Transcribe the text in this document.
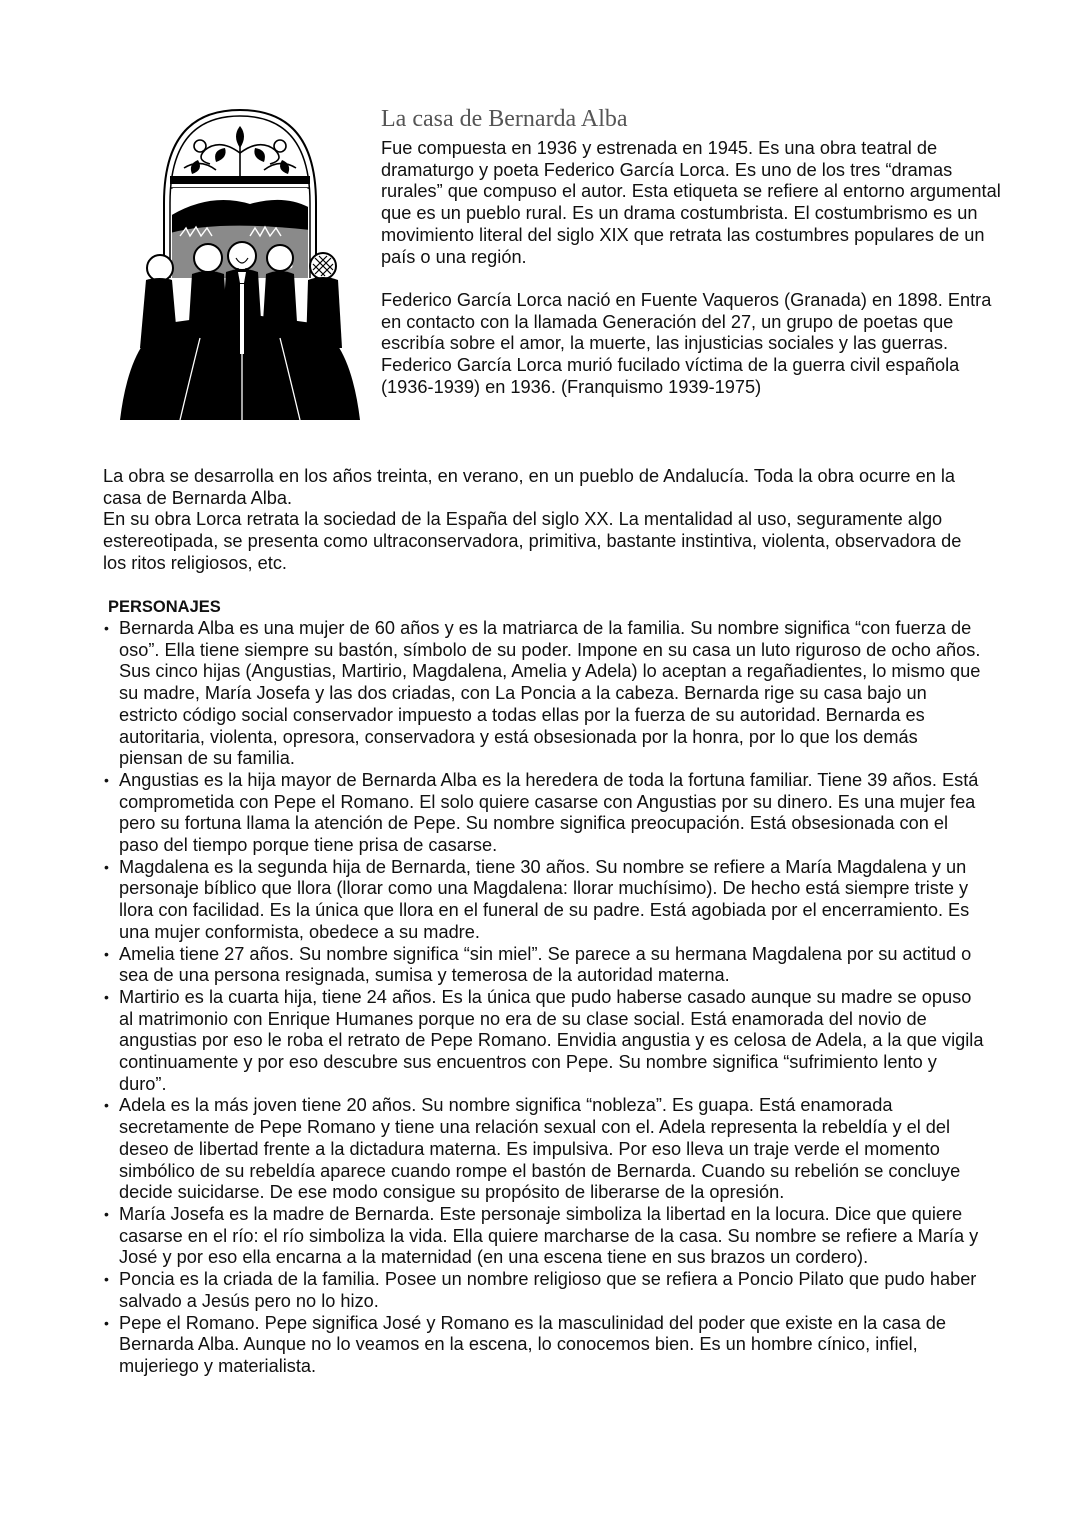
La casa de Bernarda Alba

Fue compuesta en 1936 y estrenada en 1945. Es una obra teatral de dramaturgo y poeta Federico García Lorca. Es uno de los tres “dramas rurales” que compuso el autor. Esta etiqueta se refiere al entorno argumental que es un pueblo rural. Es un drama costumbrista. El costumbrismo es un movimiento literal del siglo XIX que retrata las costumbres populares de un país o una región.

Federico García Lorca nació en Fuente Vaqueros (Granada) en 1898. Entra en contacto con la llamada Generación del 27, un grupo de poetas que escribía sobre el amor, la muerte, las injusticias sociales y las guerras. Federico García Lorca murió fucilado víctima de la guerra civil española (1936-1939) en 1936. (Franquismo 1939-1975)

La obra se desarrolla en los años treinta, en verano, en un pueblo de Andalucía. Toda la obra ocurre en la casa de Bernarda Alba.

En su obra Lorca retrata la sociedad de la España del siglo XX. La mentalidad al uso, seguramente algo estereotipada, se presenta como ultraconservadora, primitiva, bastante instintiva, violenta, observadora de los ritos religiosos, etc.

PERSONAJES
• Bernarda Alba es una mujer de 60 años y es la matriarca de la familia. Su nombre significa “con fuerza de oso”. Ella tiene siempre su bastón, símbolo de su poder. Impone en su casa un luto riguroso de ocho años. Sus cinco hijas (Angustias, Martirio, Magdalena, Amelia y Adela) lo aceptan a regañadientes, lo mismo que su madre, María Josefa y las dos criadas, con La Poncia a la cabeza. Bernarda rige su casa bajo un estricto código social conservador impuesto a todas ellas por la fuerza de su autoridad. Bernarda es autoritaria, violenta, opresora, conservadora y está obsesionada por la honra, por lo que los demás piensan de su familia.
• Angustias es la hija mayor de Bernarda Alba es la heredera de toda la fortuna familiar. Tiene 39 años. Está comprometida con Pepe el Romano. El solo quiere casarse con Angustias por su dinero. Es una mujer fea pero su fortuna llama la atención de Pepe. Su nombre significa preocupación. Está obsesionada con el paso del tiempo porque tiene prisa de casarse.
• Magdalena es la segunda hija de Bernarda, tiene 30 años. Su nombre se refiere a María Magdalena y un personaje bíblico que llora (llorar como una Magdalena: llorar muchísimo). De hecho está siempre triste y llora con facilidad. Es la única que llora en el funeral de su padre. Está agobiada por el encerramiento. Es una mujer conformista, obedece a su madre.
• Amelia tiene 27 años. Su nombre significa “sin miel”. Se parece a su hermana Magdalena por su actitud o sea de una persona resignada, sumisa y temerosa de la autoridad materna.
• Martirio es la cuarta hija, tiene 24 años. Es la única que pudo haberse casado aunque su madre se opuso al matrimonio con Enrique Humanes porque no era de su clase social. Está enamorada del novio de angustias por eso le roba el retrato de Pepe Romano. Envidia angustia y es celosa de Adela, a la que vigila continuamente y por eso descubre sus encuentros con Pepe. Su nombre significa “sufrimiento lento y duro”.
• Adela es la más joven tiene 20 años. Su nombre significa “nobleza”. Es guapa. Está enamorada secretamente de Pepe Romano y tiene una relación sexual con el. Adela representa la rebeldía y el del deseo de libertad frente a la dictadura materna. Es impulsiva. Por eso lleva un traje verde el momento simbólico de su rebeldía aparece cuando rompe el bastón de Bernarda. Cuando su rebelión se concluye decide suicidarse. De ese modo consigue su propósito de liberarse de la opresión.
• María Josefa es la madre de Bernarda. Este personaje simboliza la libertad en la locura. Dice que quiere casarse en el río: el río simboliza la vida. Ella quiere marcharse de la casa. Su nombre se refiere a María y José y por eso ella encarna a la maternidad (en una escena tiene en sus brazos un cordero).
• Poncia es la criada de la familia. Posee un nombre religioso que se refiera a Poncio Pilato que pudo haber salvado a Jesús pero no lo hizo.
• Pepe el Romano. Pepe significa José y Romano es la masculinidad del poder que existe en la casa de Bernarda Alba. Aunque no lo veamos en la escena, lo conocemos bien. Es un hombre cínico, infiel, mujeriego y materialista.
